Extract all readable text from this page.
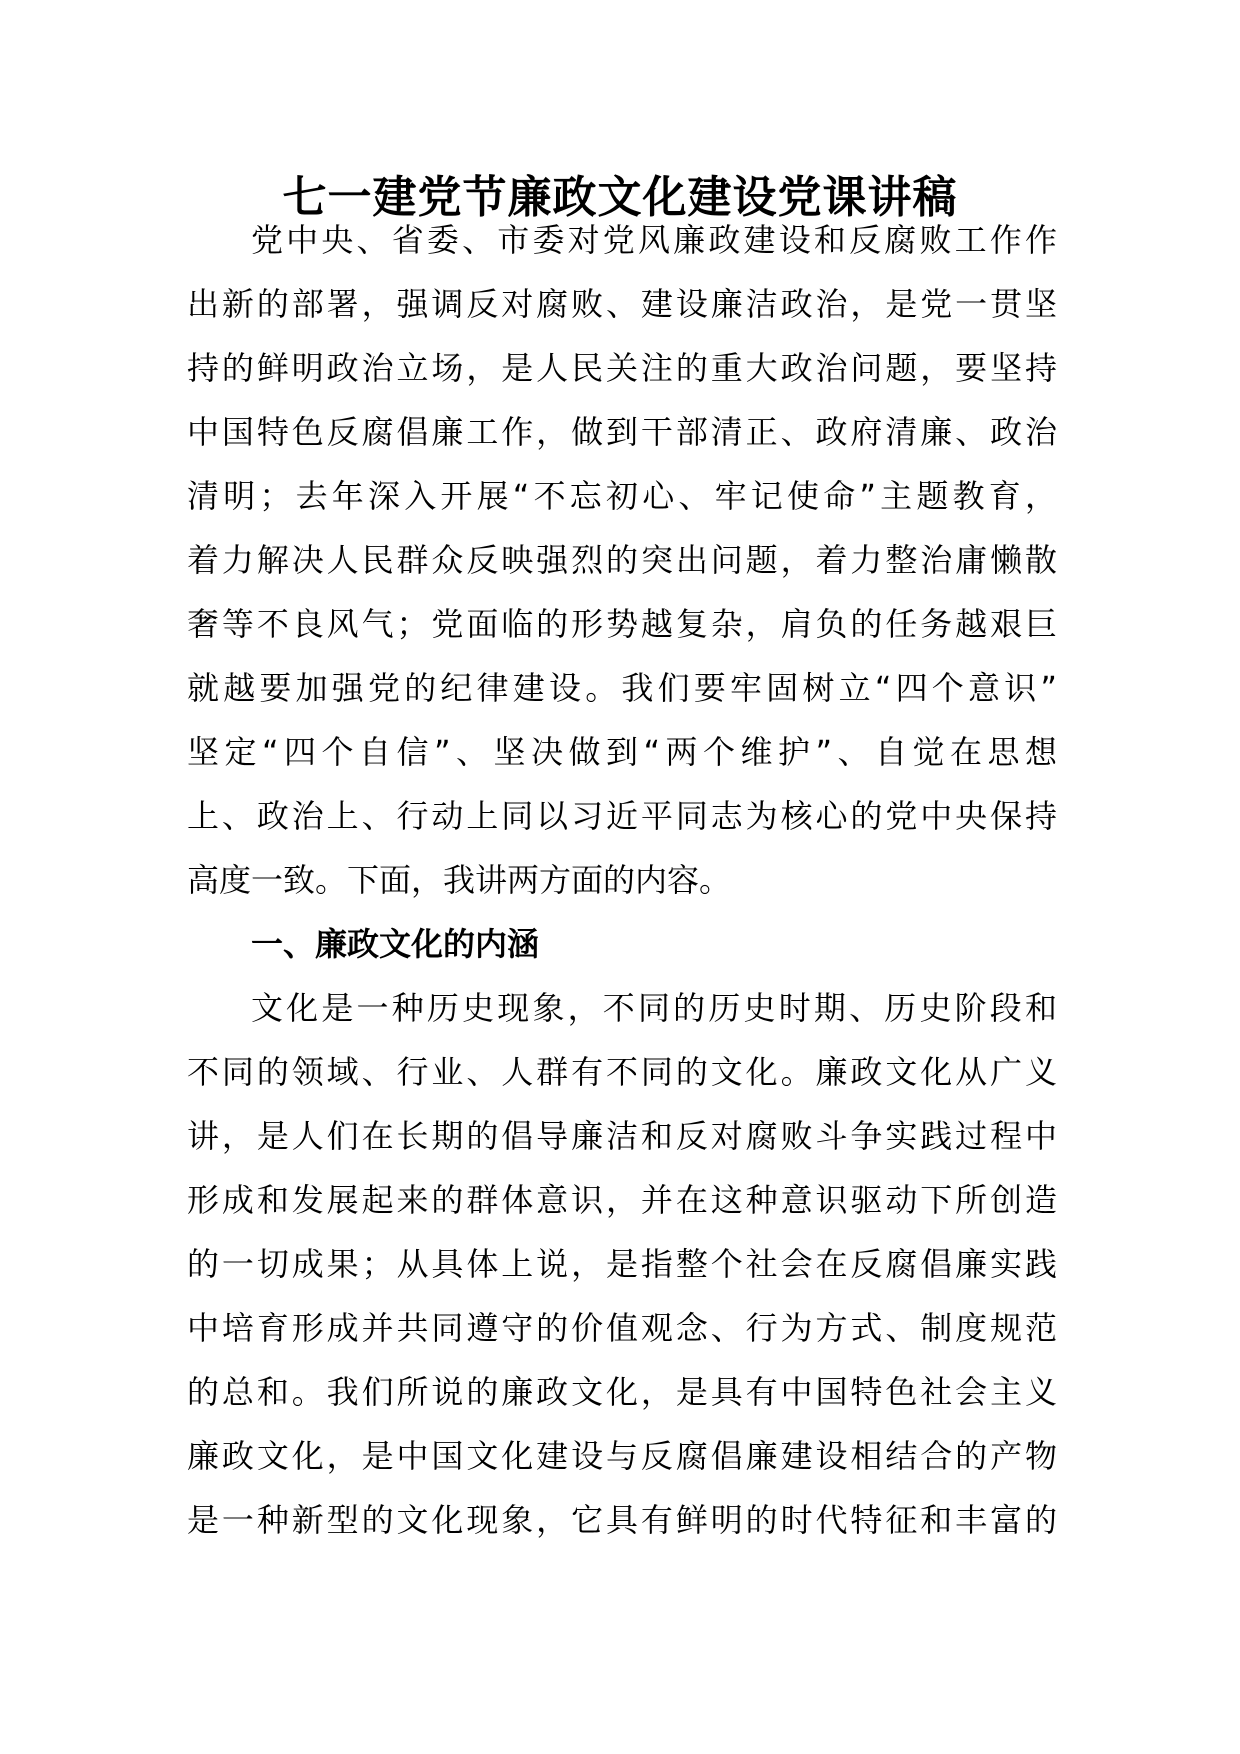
七一建党节廉政文化建设党课讲稿
党中央、省委、市委对党风廉政建设和反腐败工作作
出新的部署，强调反对腐败、建设廉洁政治，是党一贯坚
持的鲜明政治立场，是人民关注的重大政治问题，要坚持
中国特色反腐倡廉工作，做到干部清正、政府清廉、政治
清明；去年深入开展“不忘初心、牢记使命”主题教育，
着力解决人民群众反映强烈的突出问题，着力整治庸懒散
奢等不良风气；党面临的形势越复杂，肩负的任务越艰巨
就越要加强党的纪律建设。我们要牢固树立“四个意识”
坚定“四个自信”、坚决做到“两个维护”、自觉在思想
上、政治上、行动上同以习近平同志为核心的党中央保持
高度一致。下面，我讲两方面的内容。
一、廉政文化的内涵
文化是一种历史现象，不同的历史时期、历史阶段和
不同的领域、行业、人群有不同的文化。廉政文化从广义
讲，是人们在长期的倡导廉洁和反对腐败斗争实践过程中
形成和发展起来的群体意识，并在这种意识驱动下所创造
的一切成果；从具体上说，是指整个社会在反腐倡廉实践
中培育形成并共同遵守的价值观念、行为方式、制度规范
的总和。我们所说的廉政文化，是具有中国特色社会主义
廉政文化，是中国文化建设与反腐倡廉建设相结合的产物
是一种新型的文化现象，它具有鲜明的时代特征和丰富的
